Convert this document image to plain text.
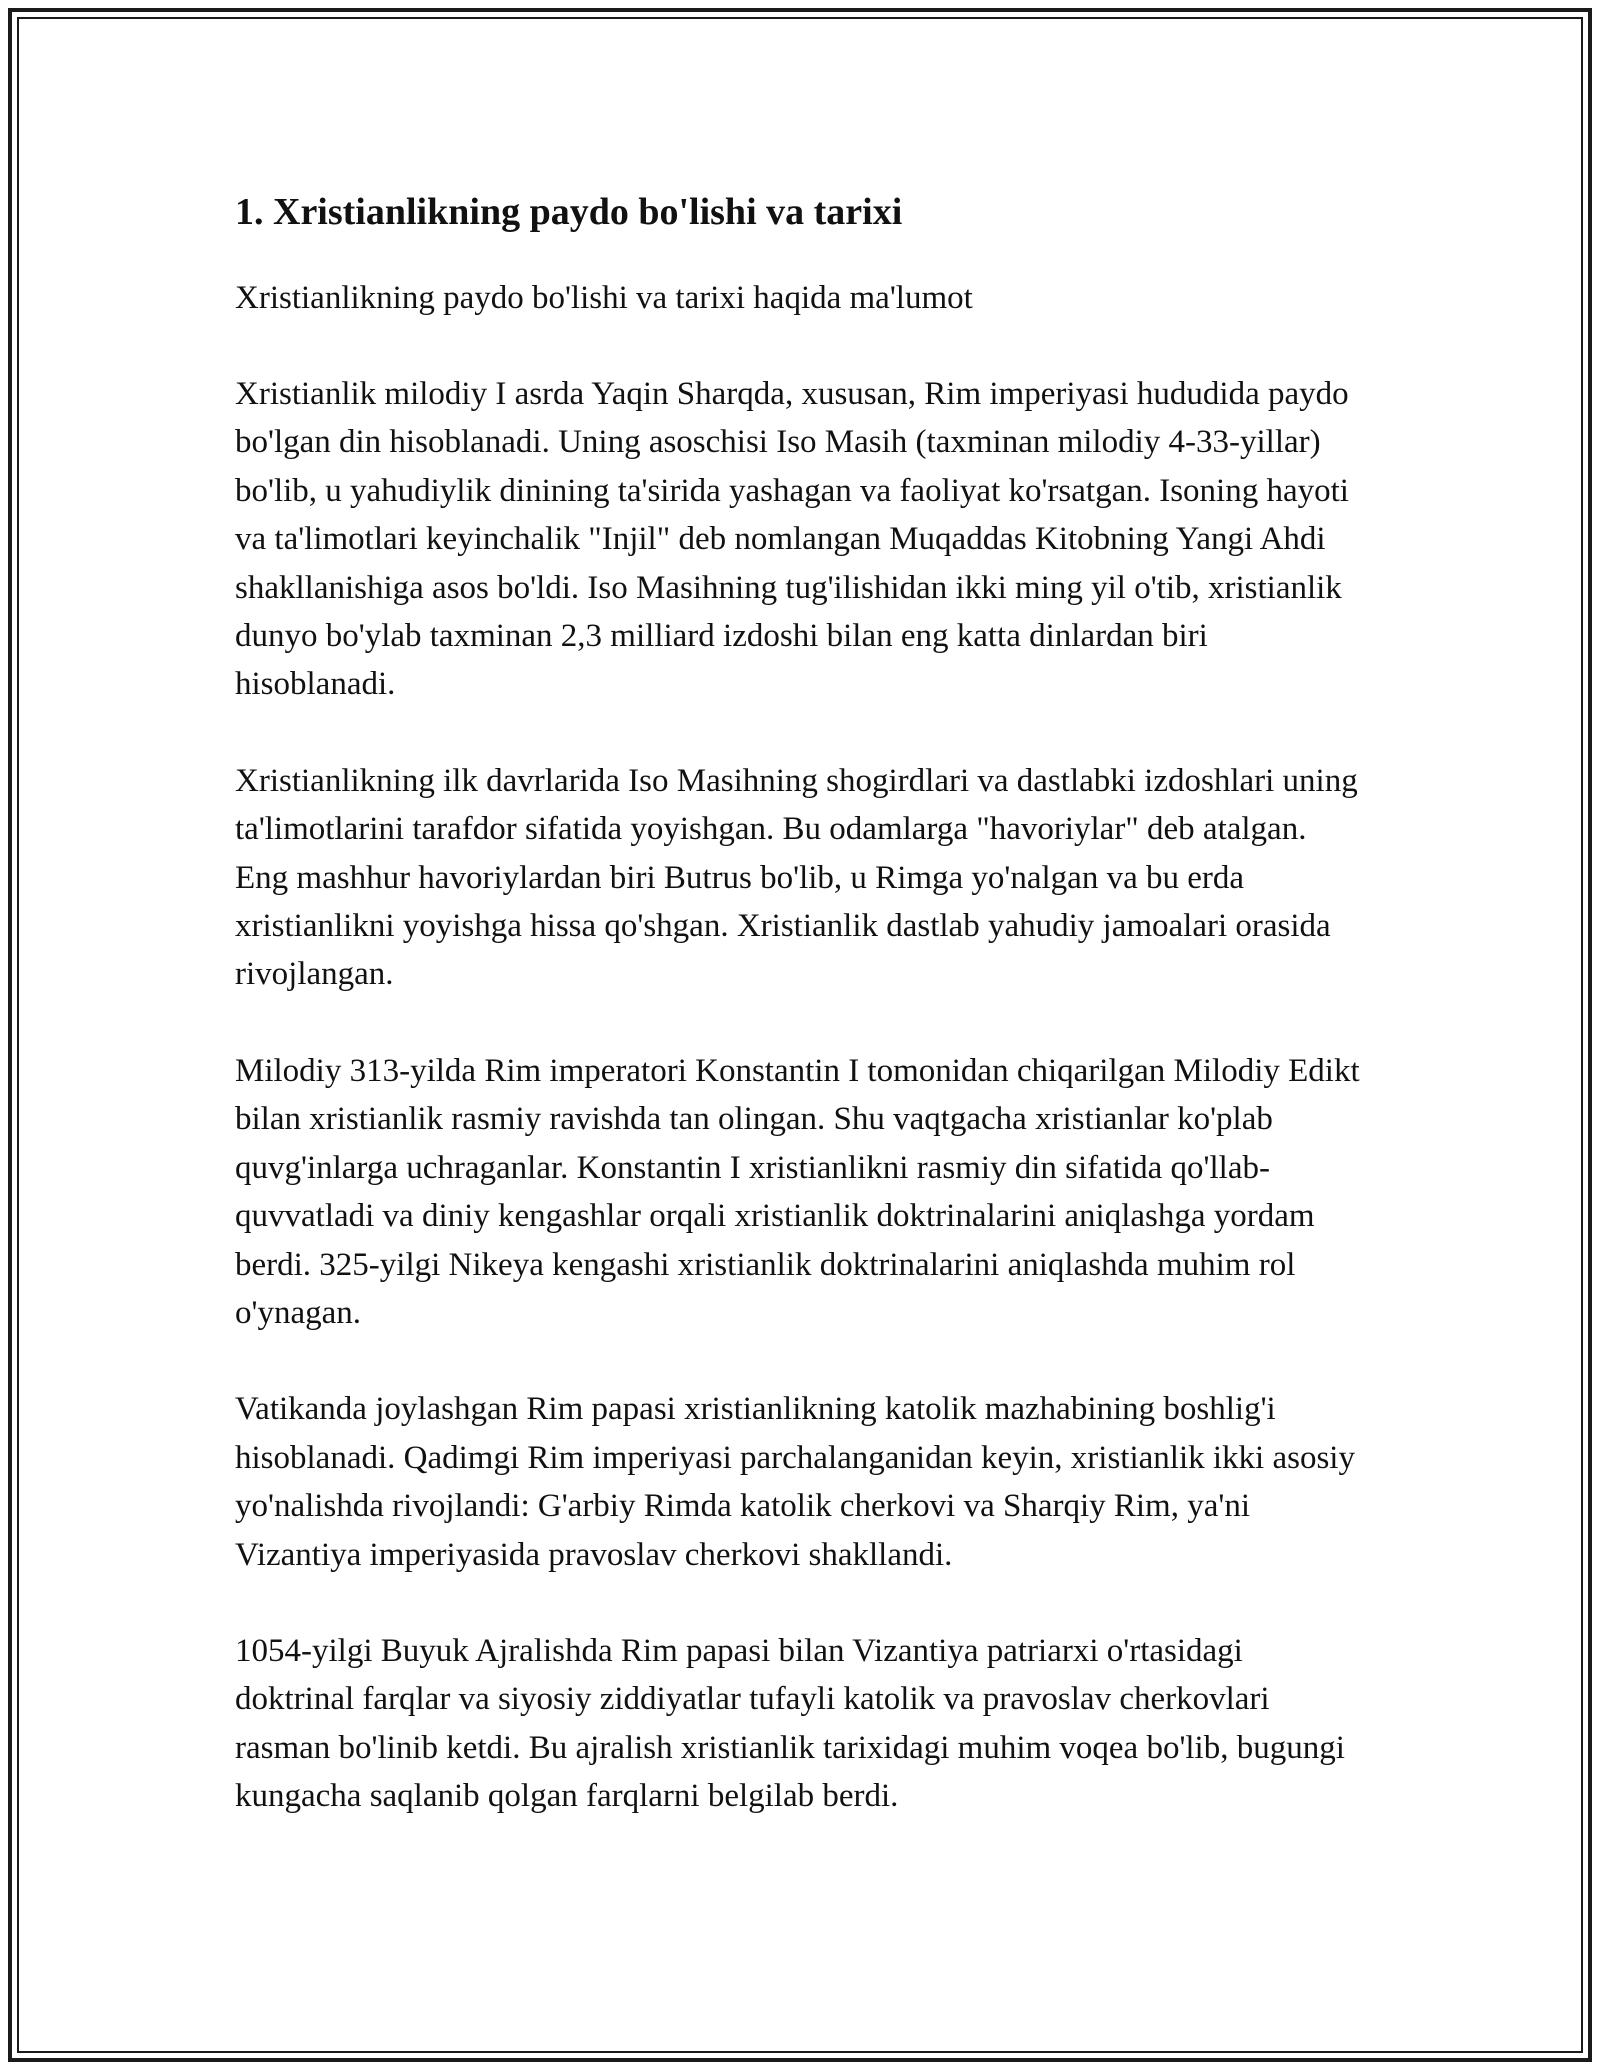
1. Xristianlikning paydo bo'lishi va tarixi

Xristianlikning paydo bo'lishi va tarixi haqida ma'lumot

Xristianlik milodiy I asrda Yaqin Sharqda, xususan, Rim imperiyasi hududida paydo bo'lgan din hisoblanadi. Uning asoschisi Iso Masih (taxminan milodiy 4-33-yillar) bo'lib, u yahudiylik dinining ta'sirida yashagan va faoliyat ko'rsatgan. Isoning hayoti va ta'limotlari keyinchalik "Injil" deb nomlangan Muqaddas Kitobning Yangi Ahdi shakllanishiga asos bo'ldi. Iso Masihning tug'ilishidan ikki ming yil o'tib, xristianlik dunyo bo'ylab taxminan 2,3 milliard izdoshi bilan eng katta dinlardan biri hisoblanadi.

Xristianlikning ilk davrlarida Iso Masihning shogirdlari va dastlabki izdoshlari uning ta'limotlarini tarafdor sifatida yoyishgan. Bu odamlarga "havoriylar" deb atalgan. Eng mashhur havoriylardan biri Butrus bo'lib, u Rimga yo'nalgan va bu erda xristianlikni yoyishga hissa qo'shgan. Xristianlik dastlab yahudiy jamoalari orasida rivojlangan.

Milodiy 313-yilda Rim imperatori Konstantin I tomonidan chiqarilgan Milodiy Edikt bilan xristianlik rasmiy ravishda tan olingan. Shu vaqtgacha xristianlar ko'plab quvg'inlarga uchraganlar. Konstantin I xristianlikni rasmiy din sifatida qo'llab-quvvatladi va diniy kengashlar orqali xristianlik doktrinalarini aniqlashga yordam berdi. 325-yilgi Nikeya kengashi xristianlik doktrinalarini aniqlashda muhim rol o'ynagan.

Vatikanda joylashgan Rim papasi xristianlikning katolik mazhabining boshlig'i hisoblanadi. Qadimgi Rim imperiyasi parchalanganidan keyin, xristianlik ikki asosiy yo'nalishda rivojlandi: G'arbiy Rimda katolik cherkovi va Sharqiy Rim, ya'ni Vizantiya imperiyasida pravoslav cherkovi shakllandi.

1054-yilgi Buyuk Ajralishda Rim papasi bilan Vizantiya patriarxi o'rtasidagi doktrinal farqlar va siyosiy ziddiyatlar tufayli katolik va pravoslav cherkovlari rasman bo'linib ketdi. Bu ajralish xristianlik tarixidagi muhim voqea bo'lib, bugungi kungacha saqlanib qolgan farqlarni belgilab berdi.
